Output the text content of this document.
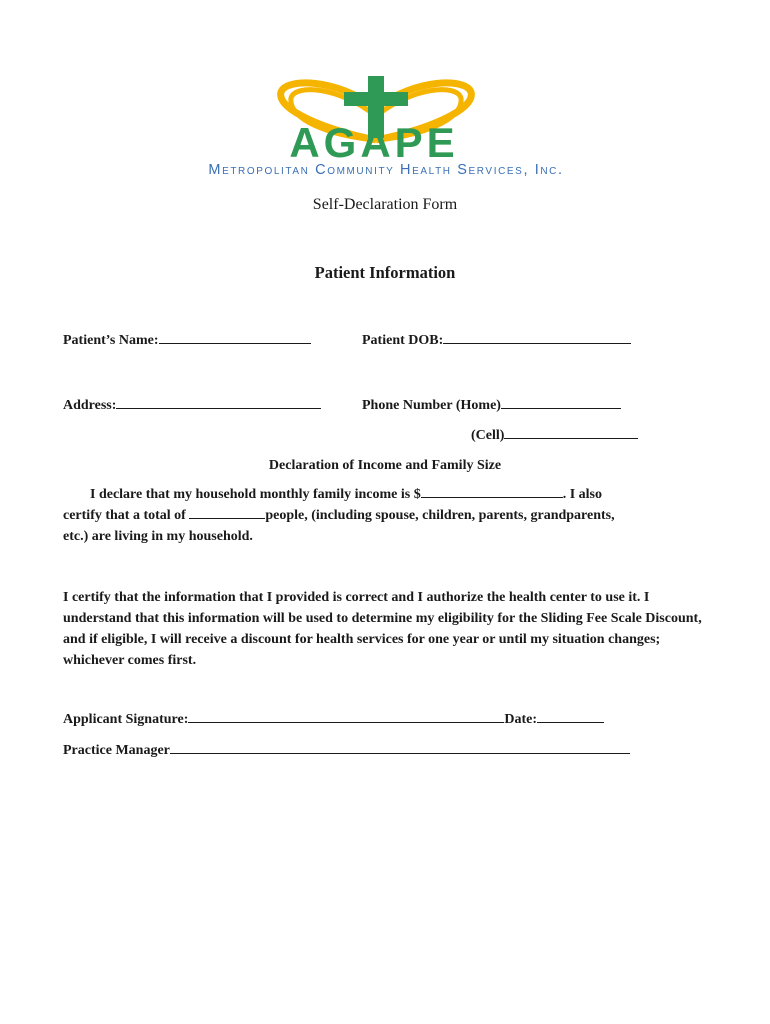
AGAPE
Metropolitan Community Health Services, Inc.
Self-Declaration Form
Patient Information
Patient’s Name:	Patient DOB:
Address:	Phone Number (Home)
(Cell)
Declaration of Income and Family Size
I declare that my household monthly family income is $	. I also
certify that a total of	people, (including spouse, children, parents, grandparents,
etc.) are living in my household.
I certify that the information that I provided is correct and I authorize the health center to use it. I understand that this information will be used to determine my eligibility for the Sliding Fee Scale Discount, and if eligible, I will receive a discount for health services for one year or until my situation changes; whichever comes first.
Applicant Signature:	Date:
Practice Manager
